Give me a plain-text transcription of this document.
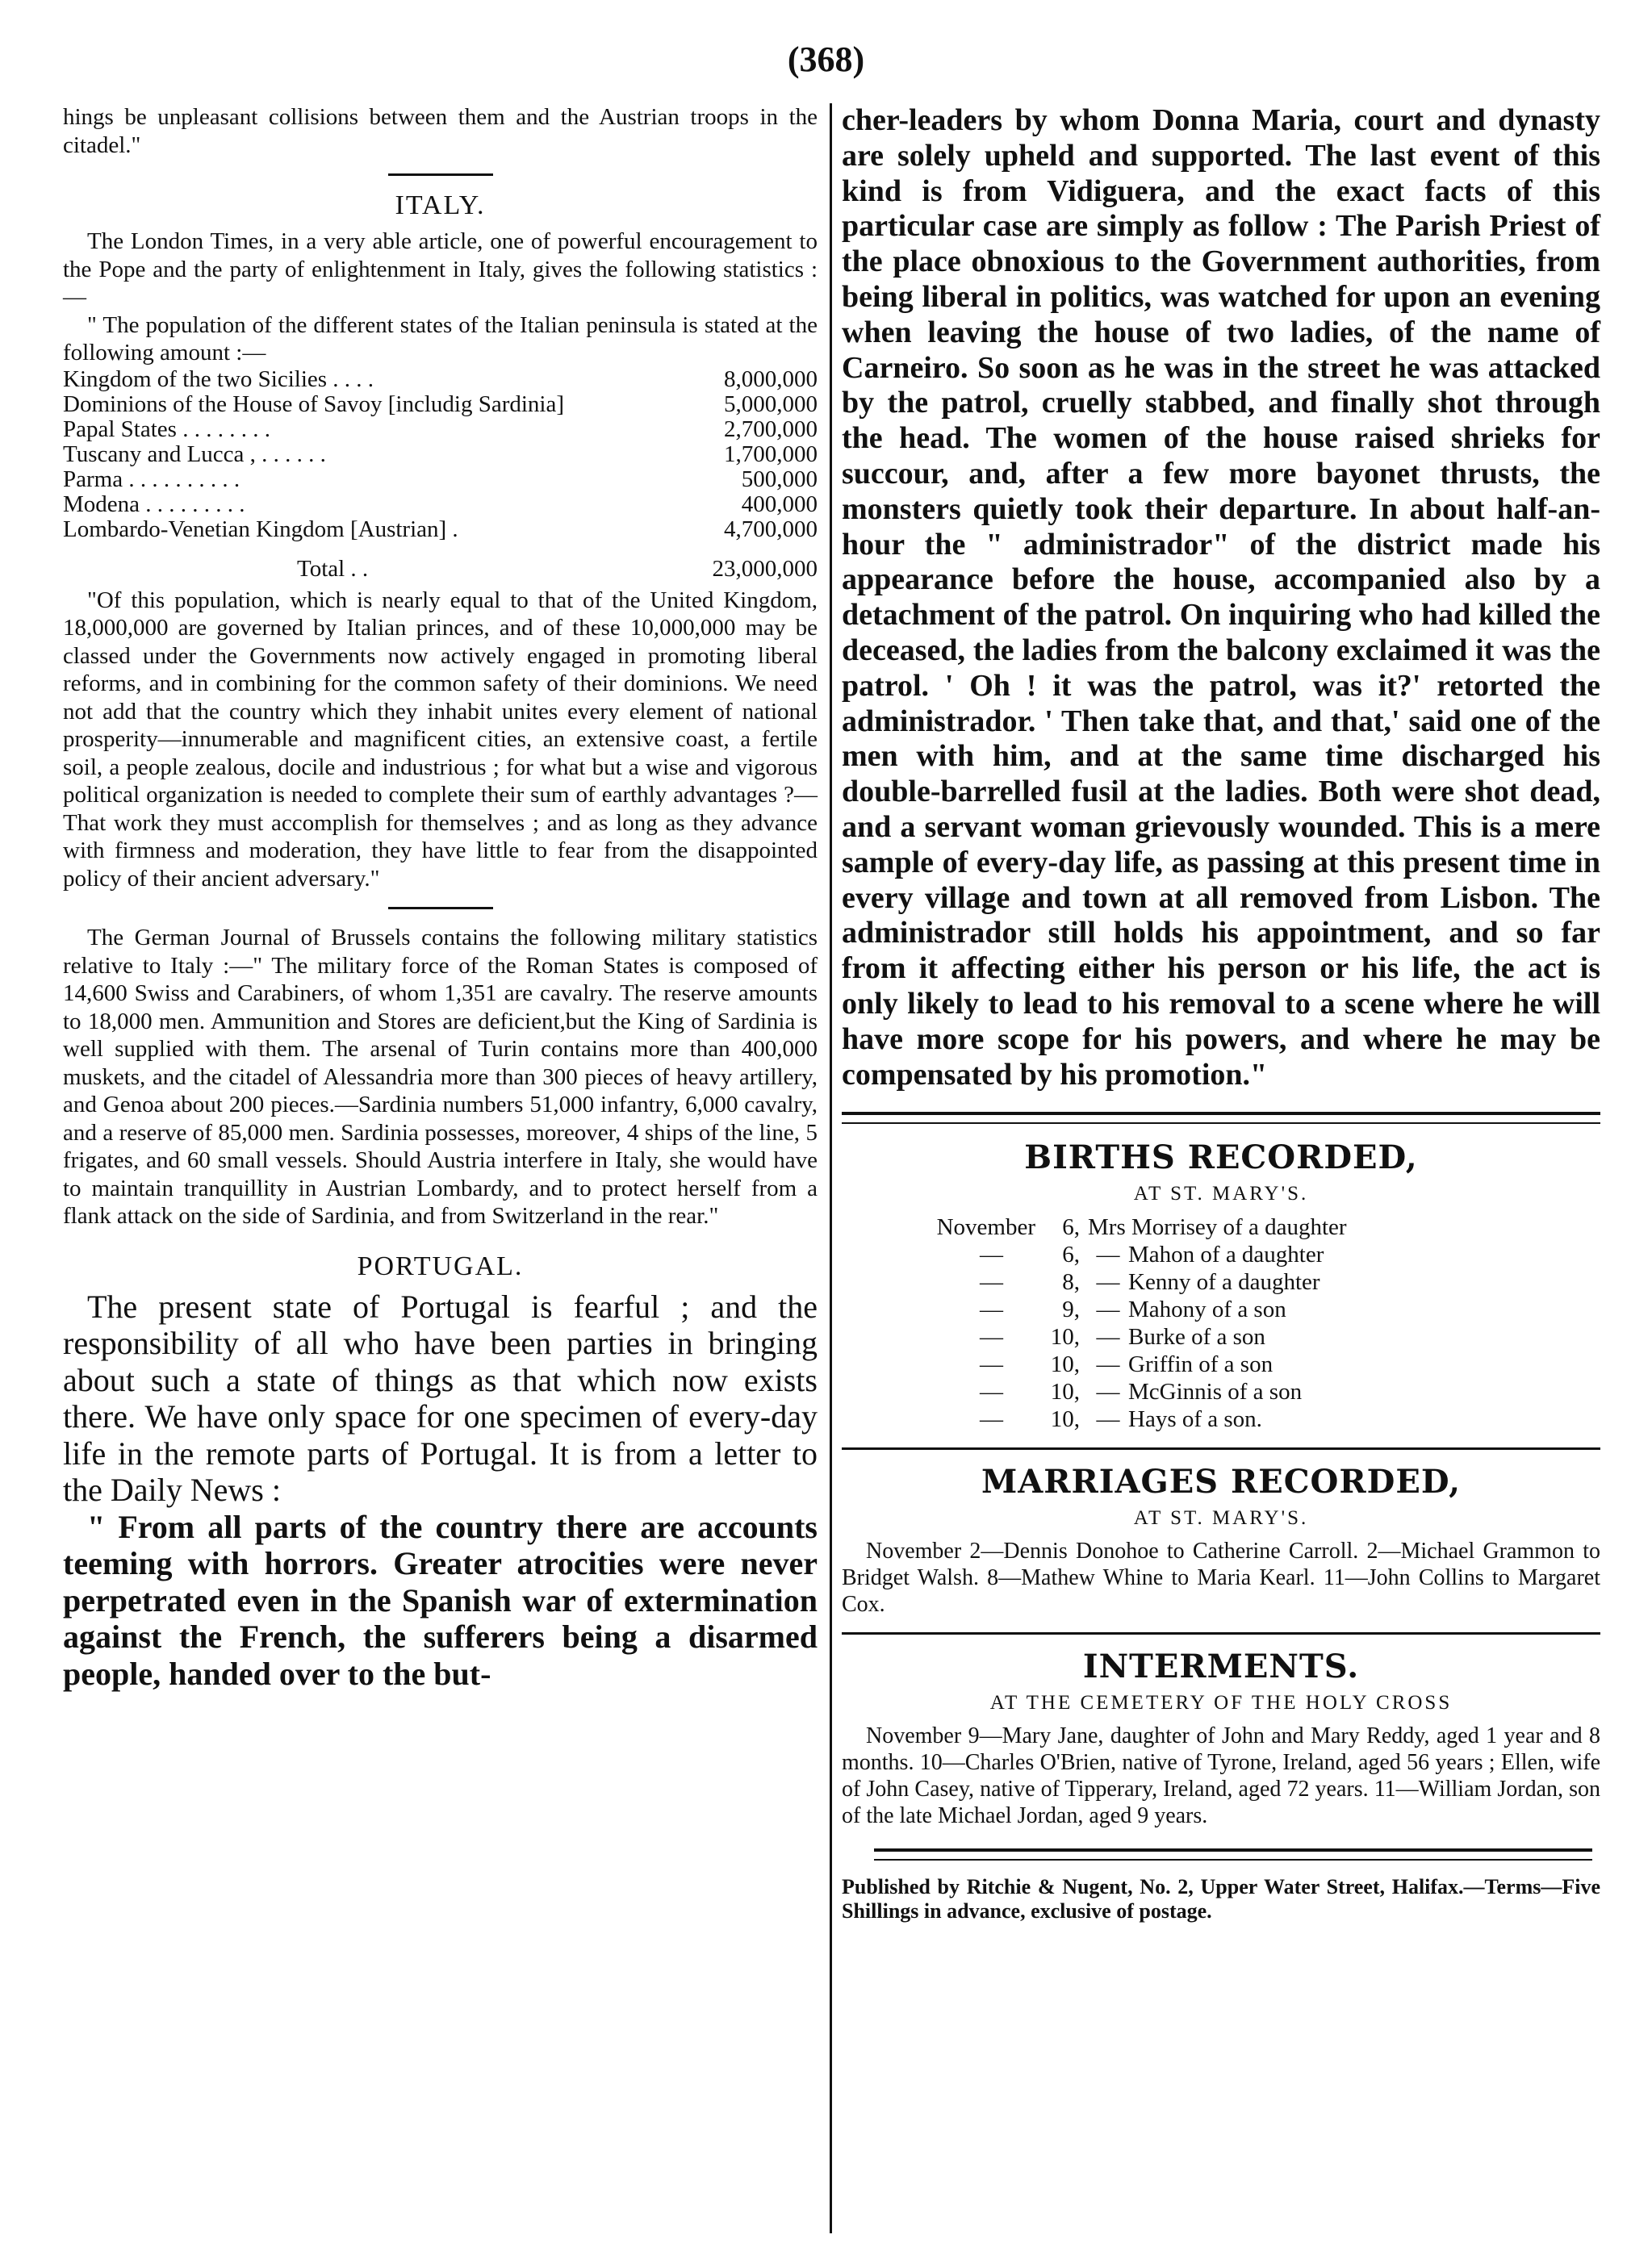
(368)

hings be unpleasant collisions between them and the Austrian troops in the citadel."

ITALY.

The London Times, in a very able article, one of powerful encouragement to the Pope and the party of enlightenment in Italy, gives the following statistics :—

" The population of the different states of the Italian peninsula is stated at the following amount :—

Kingdom of the two Sicilies . . . .	8,000,000
Dominions of the House of Savoy [includig Sardinia]	5,000,000
Papal States . . . . . . . .	2,700,000
Tuscany and Lucca , . . . . . .	1,700,000
Parma . . . . . . . . . .	500,000
Modena . . . . . . . . .	400,000
Lombardo-Venetian Kingdom [Austrian] .	4,700,000
Total . .	23,000,000

"Of this population, which is nearly equal to that of the United Kingdom, 18,000,000 are governed by Italian princes, and of these 10,000,000 may be classed under the Governments now actively engaged in promoting liberal reforms, and in combining for the common safety of their dominions. We need not add that the country which they inhabit unites every element of national prosperity—innumerable and magnificent cities, an extensive coast, a fertile soil, a people zealous, docile and industrious ; for what but a wise and vigorous political organization is needed to complete their sum of earthly advantages ?—That work they must accomplish for themselves ; and as long as they advance with firmness and moderation, they have little to fear from the disappointed policy of their ancient adversary."

The German Journal of Brussels contains the following military statistics relative to Italy :—" The military force of the Roman States is composed of 14,600 Swiss and Carabiners, of whom 1,351 are cavalry. The reserve amounts to 18,000 men. Ammunition and Stores are deficient,but the King of Sardinia is well supplied with them. The arsenal of Turin contains more than 400,000 muskets, and the citadel of Alessandria more than 300 pieces of heavy artillery, and Genoa about 200 pieces.—Sardinia numbers 51,000 infantry, 6,000 cavalry, and a reserve of 85,000 men. Sardinia possesses, moreover, 4 ships of the line, 5 frigates, and 60 small vessels. Should Austria interfere in Italy, she would have to maintain tranquillity in Austrian Lombardy, and to protect herself from a flank attack on the side of Sardinia, and from Switzerland in the rear."

PORTUGAL.

The present state of Portugal is fearful ; and the responsibility of all who have been parties in bringing about such a state of things as that which now exists there. We have only space for one specimen of every-day life in the remote parts of Portugal. It is from a letter to the Daily News :

" From all parts of the country there are accounts teeming with horrors. Greater atrocities were never perpetrated even in the Spanish war of extermination against the French, the sufferers being a disarmed people, handed over to the but-

cher-leaders by whom Donna Maria, court and dynasty are solely upheld and supported. The last event of this kind is from Vidiguera, and the exact facts of this particular case are simply as follow : The Parish Priest of the place obnoxious to the Government authorities, from being liberal in politics, was watched for upon an evening when leaving the house of two ladies, of the name of Carneiro. So soon as he was in the street he was attacked by the patrol, cruelly stabbed, and finally shot through the head. The women of the house raised shrieks for succour, and, after a few more bayonet thrusts, the monsters quietly took their departure. In about half-an-hour the " administrador" of the district made his appearance before the house, accompanied also by a detachment of the patrol. On inquiring who had killed the deceased, the ladies from the balcony exclaimed it was the patrol. ' Oh ! it was the patrol, was it?' retorted the administrador. ' Then take that, and that,' said one of the men with him, and at the same time discharged his double-barrelled fusil at the ladies. Both were shot dead, and a servant woman grievously wounded. This is a mere sample of every-day life, as passing at this present time in every village and town at all removed from Lisbon. The administrador still holds his appointment, and so far from it affecting either his person or his life, the act is only likely to lead to his removal to a scene where he will have more scope for his powers, and where he may be compensated by his promotion."

BIRTHS RECORDED,
AT ST. MARY'S.
November	6, Mrs Morrisey of a daughter
—	6, — Mahon of a daughter
—	8, — Kenny of a daughter
—	9, — Mahony of a son
—	10, — Burke of a son
—	10, — Griffin of a son
—	10, — McGinnis of a son
—	10, — Hays of a son.
MARRIAGES RECORDED,
AT ST. MARY'S.

November 2—Dennis Donohoe to Catherine Carroll. 2—Michael Grammon to Bridget Walsh. 8—Mathew Whine to Maria Kearl. 11—John Collins to Margaret Cox.

INTERMENTS.
AT THE CEMETERY OF THE HOLY CROSS

November 9—Mary Jane, daughter of John and Mary Reddy, aged 1 year and 8 months. 10—Charles O'Brien, native of Tyrone, Ireland, aged 56 years ; Ellen, wife of John Casey, native of Tipperary, Ireland, aged 72 years. 11—William Jordan, son of the late Michael Jordan, aged 9 years.

Published by Ritchie & Nugent, No. 2, Upper Water Street, Halifax.—Terms—Five Shillings in advance, exclusive of postage.
